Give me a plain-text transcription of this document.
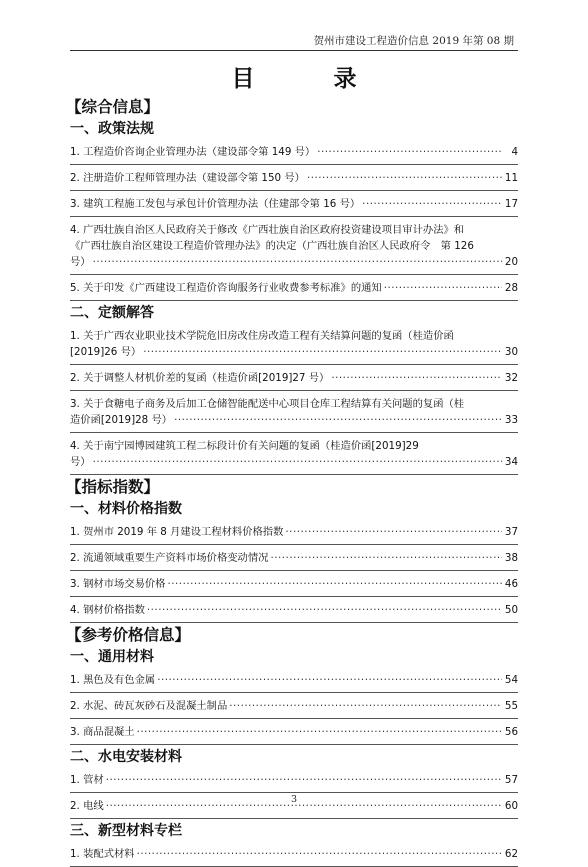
贺州市建设工程造价信息 2019 年第 08 期
目　录
【综合信息】
一、政策法规
1. 工程造价咨询企业管理办法（建设部令第 149 号） ·····	4
2. 注册造价工程师管理办法（建设部令第 150 号） ·····	11
3. 建筑工程施工发包与承包计价管理办法（住建部令第 16 号） ·····	17
4. 广西壮族自治区人民政府关于修改《广西壮族自治区政府投资建设项目审计办法》和
《广西壮族自治区建设工程造价管理办法》的决定（广西壮族自治区人民政府令　第 126
号） ·····	20
5. 关于印发《广西建设工程造价咨询服务行业收费参考标准》的通知 ·····	28
二、定额解答
1. 关于广西农业职业技术学院危旧房改住房改造工程有关结算问题的复函（桂造价函
[2019]26 号） ·····	30
2. 关于调整人材机价差的复函（桂造价函[2019]27 号） ·····	32
3. 关于食糖电子商务及后加工仓储智能配送中心项目仓库工程结算有关问题的复函（桂
造价函[2019]28 号） ·····	33
4. 关于南宁园博园建筑工程二标段计价有关问题的复函（桂造价函[2019]29
号） ·····	34
【指标指数】
一、材料价格指数
1. 贺州市 2019 年 8 月建设工程材料价格指数 ·····	37
2. 流通领域重要生产资料市场价格变动情况 ·····	38
3. 钢材市场交易价格 ·····	46
4. 钢材价格指数 ·····	50
【参考价格信息】
一、通用材料
1. 黑色及有色金属 ·····	54
2. 水泥、砖瓦灰砂石及混凝土制品 ·····	55
3. 商品混凝土 ·····	56
二、水电安装材料
1. 管材 ·····	57
2. 电线 ·····	60
三、新型材料专栏
1. 装配式材料 ·····	62
3
